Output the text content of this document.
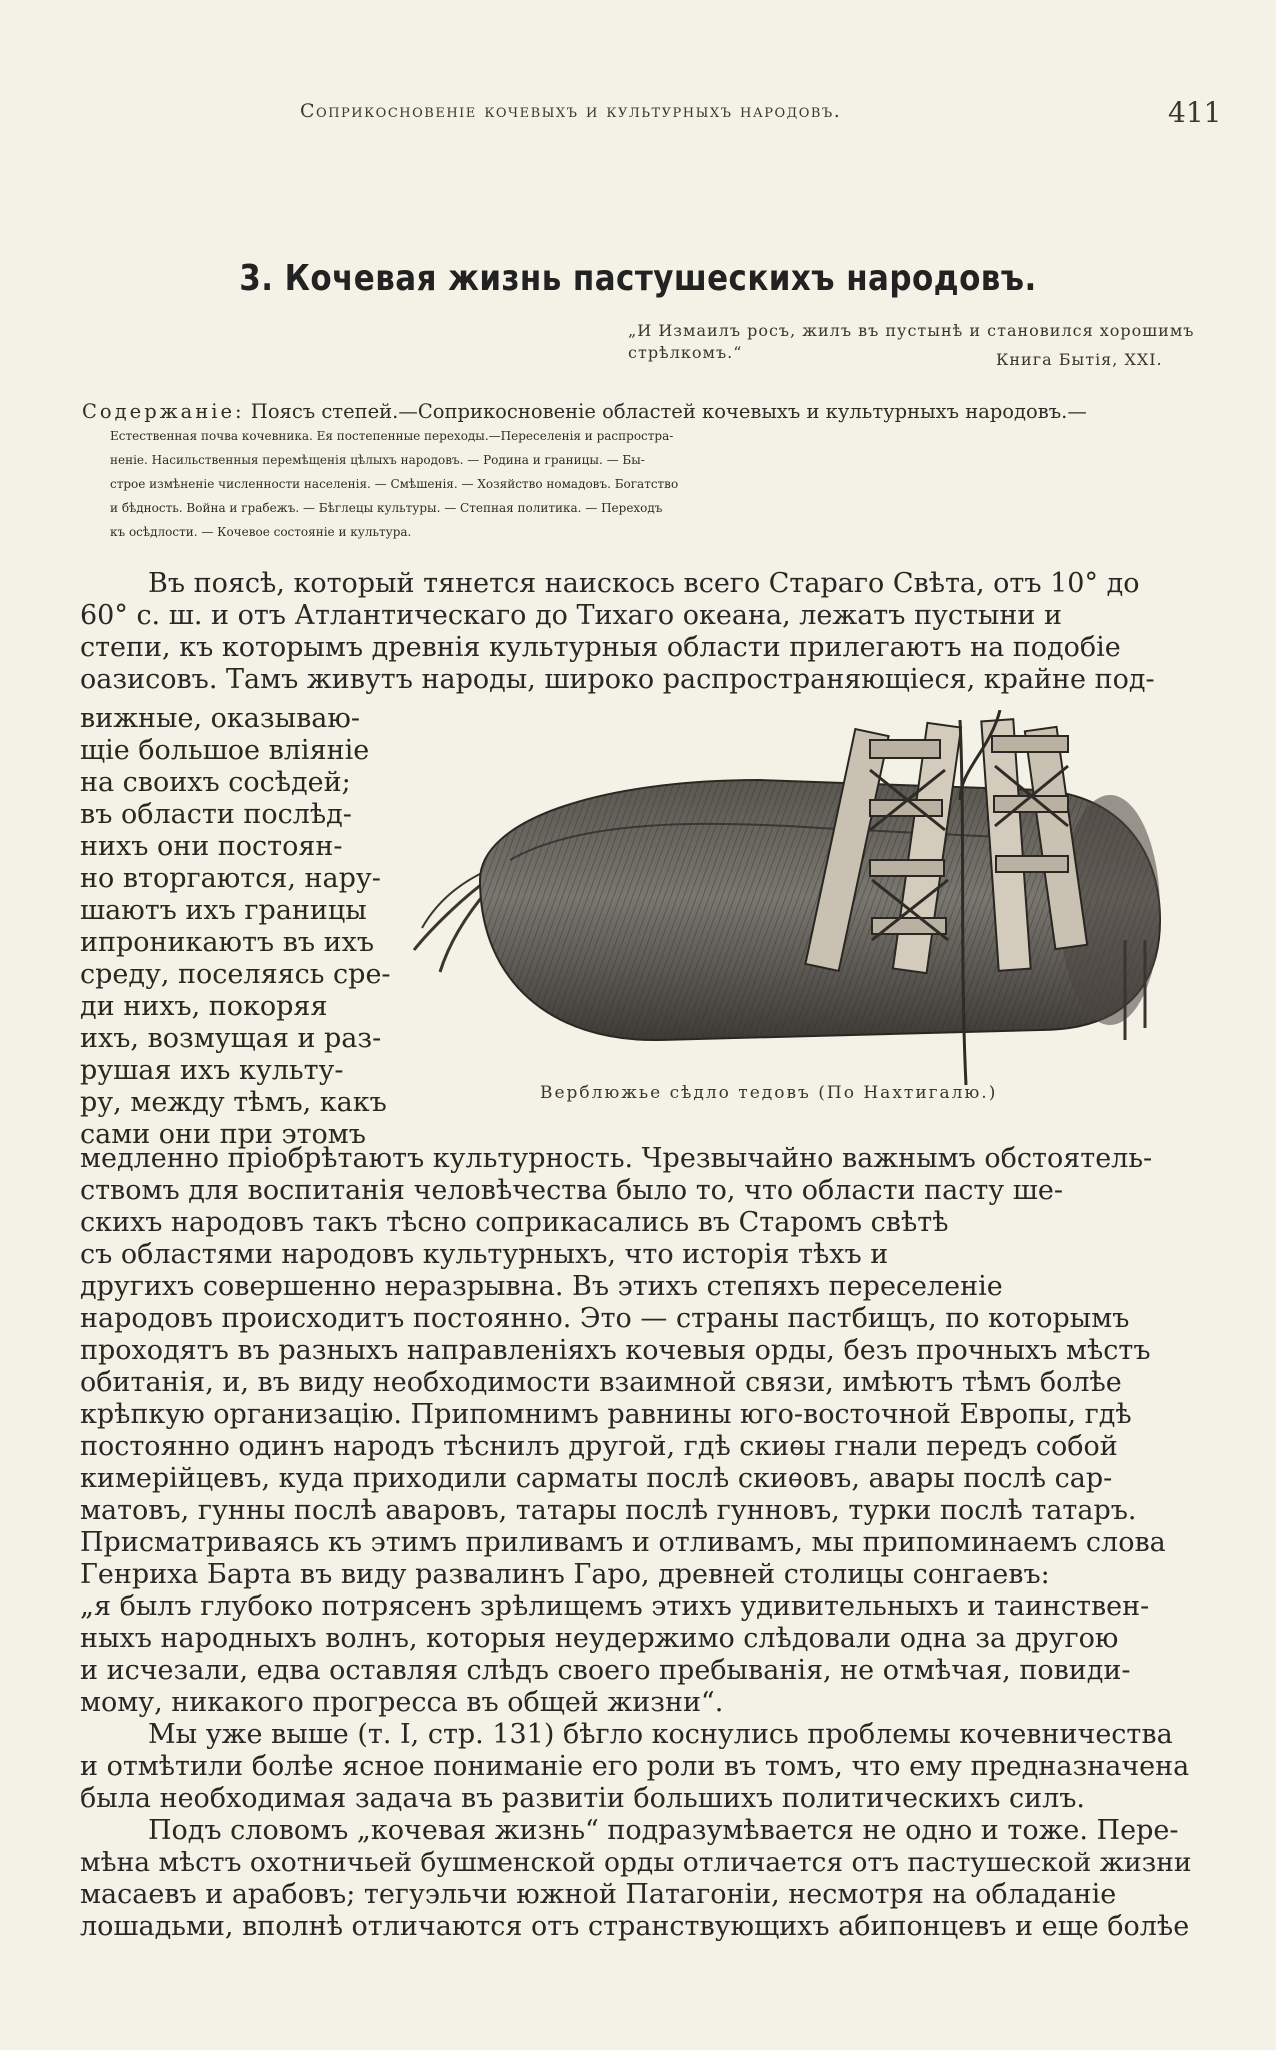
Соприкосновеніе кочевыхъ и культурныхъ народовъ.	411
3. Кочевая жизнь пастушескихъ народовъ.
„И Измаилъ росъ, жилъ въ пустынѣ и становился хорошимъ стрѣлкомъ.“	Книга Бытія, XXI.
Содержаніе: Поясъ степей.—Соприкосновеніе областей кочевыхъ и культурныхъ народовъ.—
Естественная почва кочевника. Ея постепенные переходы.—Переселенія и распростра-
неніе. Насильственныя перемѣщенія цѣлыхъ народовъ. — Родина и границы. — Бы-
строе измѣненіе численности населенія. — Смѣшенія. — Хозяйство номадовъ. Богатство
и бѣдность. Война и грабежъ. — Бѣглецы культуры. — Степная политика. — Переходъ
къ осѣдлости. — Кочевое состояніе и культура.
Въ поясѣ, который тянется наискось всего Стараго Свѣта, отъ 10° до
60° с. ш. и отъ Атлантическаго до Тихаго океана, лежатъ пустыни и
степи, къ которымъ древнія культурныя области прилегаютъ на подобіе
оазисовъ. Тамъ живутъ народы, широко распространяющіеся, крайне под-
вижные, оказываю-
щіе большое вліяніе
на своихъ сосѣдей;
въ области послѣд-
нихъ они постоян-
но вторгаются, нару-
шаютъ ихъ границы
ипроникаютъ въ ихъ
среду, поселяясь сре-
ди нихъ, покоряя
ихъ, возмущая и раз-
рушая ихъ культу-
ру, между тѣмъ, какъ
сами они при этомъ
Верблюжье сѣдло тедовъ (По Нахтигалю.)
медленно пріобрѣтаютъ культурность. Чрезвычайно важнымъ обстоятель-
ствомъ для воспитанія человѣчества было то, что области пасту ше-
скихъ народовъ такъ тѣсно соприкасались въ Старомъ свѣтѣ
съ областями народовъ культурныхъ, что исторія тѣхъ и
другихъ совершенно неразрывна. Въ этихъ степяхъ переселеніе
народовъ происходитъ постоянно. Это — страны пастбищъ, по которымъ
проходятъ въ разныхъ направленіяхъ кочевыя орды, безъ прочныхъ мѣстъ
обитанія, и, въ виду необходимости взаимной связи, имѣютъ тѣмъ болѣе
крѣпкую организацію. Припомнимъ равнины юго-восточной Европы, гдѣ
постоянно одинъ народъ тѣснилъ другой, гдѣ скиѳы гнали передъ собой
кимерійцевъ, куда приходили сарматы послѣ скиѳовъ, авары послѣ сар-
матовъ, гунны послѣ аваровъ, татары послѣ гунновъ, турки послѣ татаръ.
Присматриваясь къ этимъ приливамъ и отливамъ, мы припоминаемъ слова
Генриха Барта въ виду развалинъ Гаро, древней столицы сонгаевъ:
„я былъ глубоко потрясенъ зрѣлищемъ этихъ удивительныхъ и таинствен-
ныхъ народныхъ волнъ, которыя неудержимо слѣдовали одна за другою
и исчезали, едва оставляя слѣдъ своего пребыванія, не отмѣчая, повиди-
мому, никакого прогресса въ общей жизни“.
Мы уже выше (т. I, стр. 131) бѣгло коснулись проблемы кочевничества
и отмѣтили болѣе ясное пониманіе его роли въ томъ, что ему предназначена
была необходимая задача въ развитіи большихъ политическихъ силъ.
Подъ словомъ „кочевая жизнь“ подразумѣвается не одно и тоже. Пере-
мѣна мѣстъ охотничьей бушменской орды отличается отъ пастушеской жизни
масаевъ и арабовъ; тегуэльчи южной Патагоніи, несмотря на обладаніе
лошадьми, вполнѣ отличаются отъ странствующихъ абипонцевъ и еще болѣе
